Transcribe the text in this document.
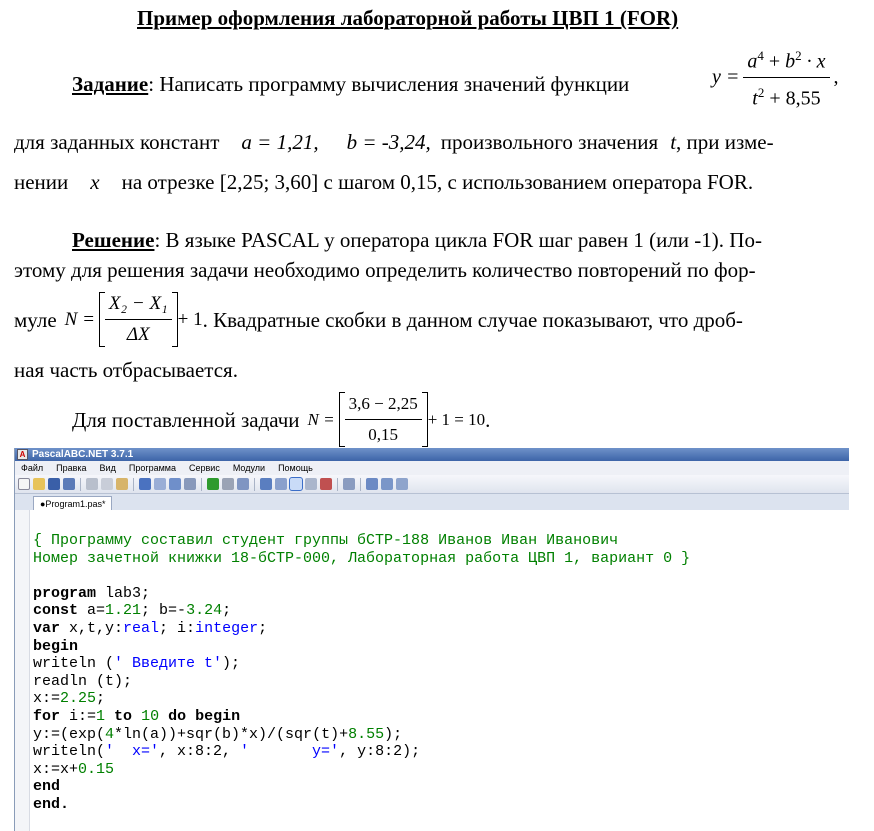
Пример оформления лабораторной работы ЦВП 1 (FOR)
Задание: Написать программу вычисления значений функции	$y = \frac{a^4 + b^2 \cdot x}{t^2 + 8,55}$ ,
для заданных констант a = 1,21, b = -3,24, произвольного значения t, при изме-
нении x на отрезке [2,25; 3,60] с шагом 0,15, с использованием оператора FOR.
Решение: В языке PASCAL у оператора цикла FOR шаг равен 1 (или -1). По-
этому для решения задачи необходимо определить количество повторений по фор-
муле $N = \frac{\text{X₂ − X₁}}{\Delta X} + 1$ . Квадратные скобки в данном случае показывают, что дроб-
ная часть отбрасывается.
Для поставленной задачи $N = \frac{3,6 - 2,25}{0,15} + 1 = 10$ .
A PascalABC.NET 3.7.1
Файл Правка Вид Программа Сервис Модули Помощь
●Program1.pas*
{ Программу составил студент группы бСТР-188 Иванов Иван Иванович
Номер зачетной книжки 18-бСТР-000, Лабораторная работа ЦВП 1, вариант 0 }

program lab3;
const a=1.21; b=-3.24;
var x,t,y:real; i:integer;
begin
writeln (' Введите t');
readln (t);
x:=2.25;
for i:=1 to 10 do begin
y:=(exp(4*ln(a))+sqr(b)*x)/(sqr(t)+8.55);
writeln('  x=', x:8:2, '       y=', y:8:2);
x:=x+0.15
end
end.
